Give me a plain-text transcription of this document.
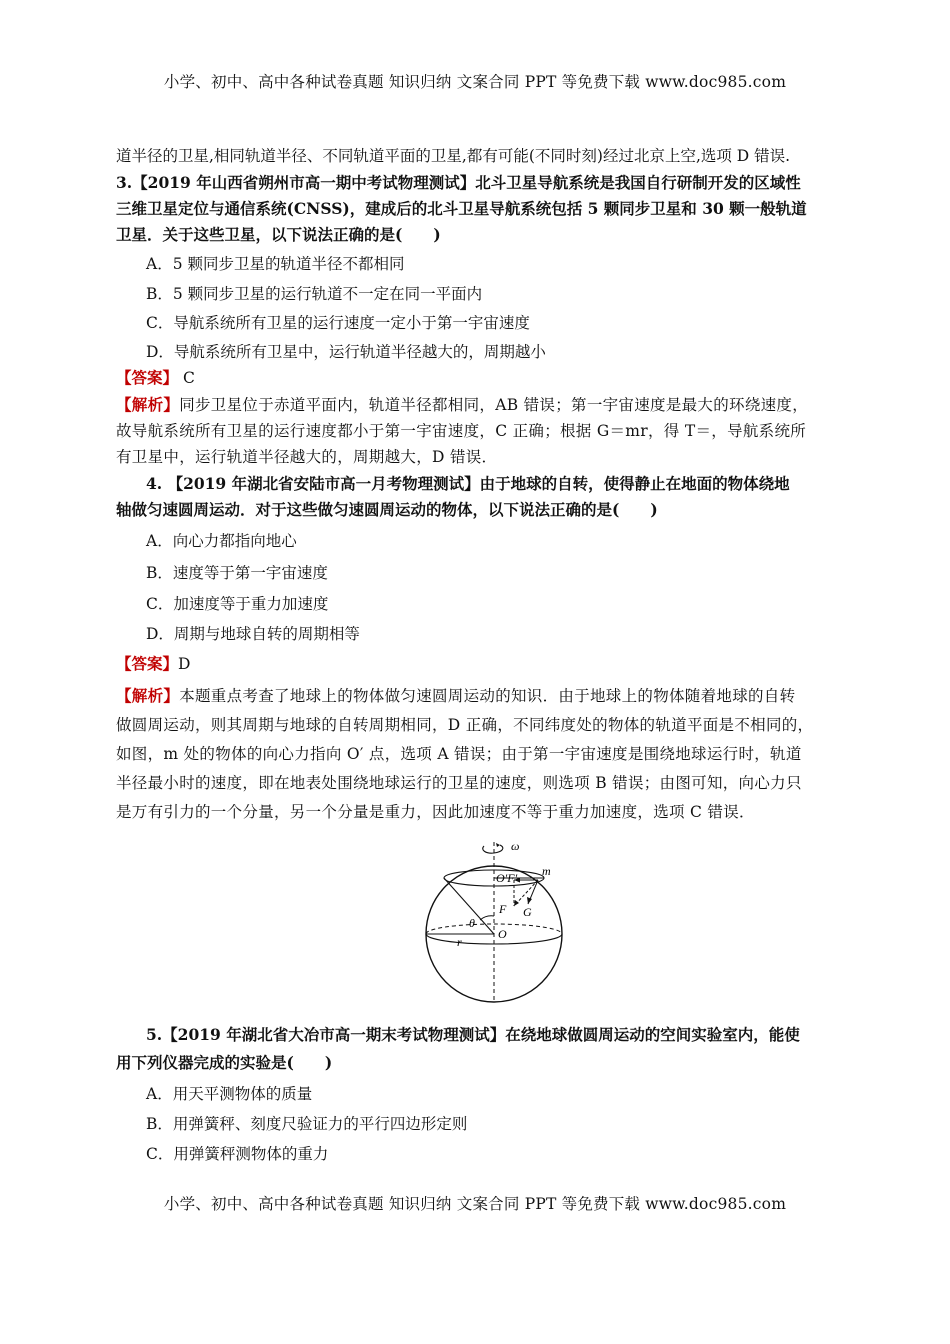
小学、初中、高中各种试卷真题 知识归纳 文案合同 PPT 等免费下载 www.doc985.com
道半径的卫星,相同轨道半径、不同轨道平面的卫星,都有可能(不同时刻)经过北京上空,选项 D 错误.
3.【2019 年山西省朔州市高一期中考试物理测试】北斗卫星导航系统是我国自行研制开发的区域性
三维卫星定位与通信系统(CNSS)，建成后的北斗卫星导航系统包括 5 颗同步卫星和 30 颗一般轨道
卫星．关于这些卫星，以下说法正确的是(　　)
A．5 颗同步卫星的轨道半径不都相同
B．5 颗同步卫星的运行轨道不一定在同一平面内
C．导航系统所有卫星的运行速度一定小于第一宇宙速度
D．导航系统所有卫星中，运行轨道半径越大的，周期越小
【答案】 C
【解析】同步卫星位于赤道平面内，轨道半径都相同，AB 错误；第一宇宙速度是最大的环绕速度，
故导航系统所有卫星的运行速度都小于第一宇宙速度，C 正确；根据 G＝mr，得 T＝，导航系统所
有卫星中，运行轨道半径越大的，周期越大，D 错误．
4. 【2019 年湖北省安陆市高一月考物理测试】由于地球的自转，使得静止在地面的物体绕地
轴做匀速圆周运动．对于这些做匀速圆周运动的物体，以下说法正确的是(　　)
A．向心力都指向地心
B．速度等于第一宇宙速度
C．加速度等于重力加速度
D．周期与地球自转的周期相等
【答案】D
【解析】本题重点考查了地球上的物体做匀速圆周运动的知识．由于地球上的物体随着地球的自转
做圆周运动，则其周期与地球的自转周期相同，D 正确，不同纬度处的物体的轨道平面是不相同的，
如图，m 处的物体的向心力指向 O′ 点，选项 A 错误；由于第一宇宙速度是围绕地球运行时，轨道
半径最小时的速度，即在地表处围绕地球运行的卫星的速度，则选项 B 错误；由图可知，向心力只
是万有引力的一个分量，另一个分量是重力，因此加速度不等于重力加速度，选项 C 错误．
ω
m
O′F′
F G
θ
r
O
5.【2019 年湖北省大冶市高一期末考试物理测试】在绕地球做圆周运动的空间实验室内，能使
用下列仪器完成的实验是(　　)
A．用天平测物体的质量
B．用弹簧秤、刻度尺验证力的平行四边形定则
C．用弹簧秤测物体的重力
小学、初中、高中各种试卷真题 知识归纳 文案合同 PPT 等免费下载 www.doc985.com
